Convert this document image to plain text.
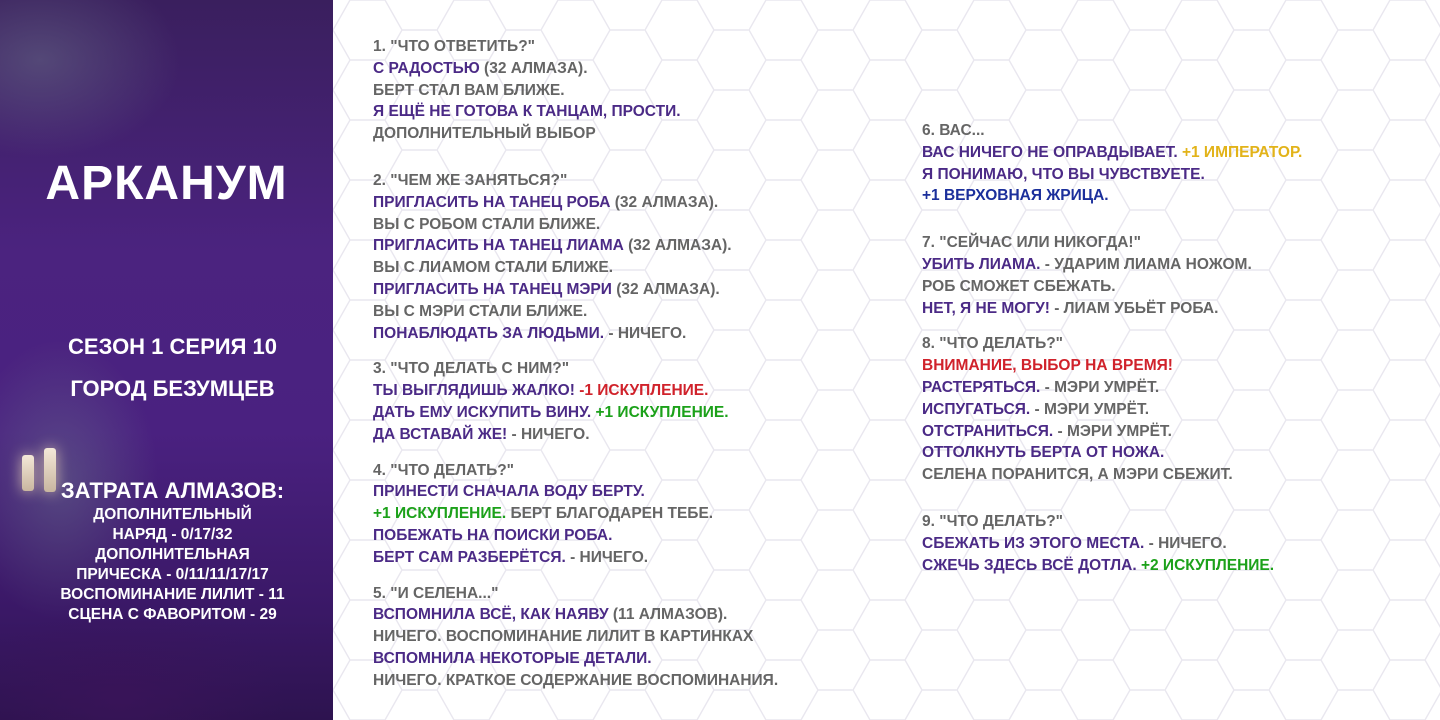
АРКАНУМ
СЕЗОН 1 СЕРИЯ 10
ГОРОД БЕЗУМЦЕВ
ЗАТРАТА АЛМАЗОВ:
ДОПОЛНИТЕЛЬНЫЙ
НАРЯД - 0/17/32
ДОПОЛНИТЕЛЬНАЯ
ПРИЧЕСКА - 0/11/11/17/17
ВОСПОМИНАНИЕ ЛИЛИТ - 11
СЦЕНА С ФАВОРИТОМ - 29
1. "ЧТО ОТВЕТИТЬ?"
С РАДОСТЬЮ (32 АЛМАЗА).
БЕРТ СТАЛ ВАМ БЛИЖЕ.
Я ЕЩЁ НЕ ГОТОВА К ТАНЦАМ, ПРОСТИ.
ДОПОЛНИТЕЛЬНЫЙ ВЫБОР
2. "ЧЕМ ЖЕ ЗАНЯТЬСЯ?"
ПРИГЛАСИТЬ НА ТАНЕЦ РОБА (32 АЛМАЗА).
ВЫ С РОБОМ СТАЛИ БЛИЖЕ.
ПРИГЛАСИТЬ НА ТАНЕЦ ЛИАМА (32 АЛМАЗА).
ВЫ С ЛИАМОМ СТАЛИ БЛИЖЕ.
ПРИГЛАСИТЬ НА ТАНЕЦ МЭРИ (32 АЛМАЗА).
ВЫ С МЭРИ СТАЛИ БЛИЖЕ.
ПОНАБЛЮДАТЬ ЗА ЛЮДЬМИ. - НИЧЕГО.
3. "ЧТО ДЕЛАТЬ С НИМ?"
ТЫ ВЫГЛЯДИШЬ ЖАЛКО! -1 ИСКУПЛЕНИЕ.
ДАТЬ ЕМУ ИСКУПИТЬ ВИНУ. +1 ИСКУПЛЕНИЕ.
ДА ВСТАВАЙ ЖЕ! - НИЧЕГО.
4. "ЧТО ДЕЛАТЬ?"
ПРИНЕСТИ СНАЧАЛА ВОДУ БЕРТУ.
+1 ИСКУПЛЕНИЕ. БЕРТ БЛАГОДАРЕН ТЕБЕ.
ПОБЕЖАТЬ НА ПОИСКИ РОБА.
БЕРТ САМ РАЗБЕРЁТСЯ. - НИЧЕГО.
5. "И СЕЛЕНА..."
ВСПОМНИЛА ВСЁ, КАК НАЯВУ (11 АЛМАЗОВ).
НИЧЕГО. ВОСПОМИНАНИЕ ЛИЛИТ В КАРТИНКАХ
ВСПОМНИЛА НЕКОТОРЫЕ ДЕТАЛИ.
НИЧЕГО. КРАТКОЕ СОДЕРЖАНИЕ ВОСПОМИНАНИЯ.
6. ВАС...
ВАС НИЧЕГО НЕ ОПРАВДЫВАЕТ. +1 ИМПЕРАТОР.
Я ПОНИМАЮ, ЧТО ВЫ ЧУВСТВУЕТЕ.
+1 ВЕРХОВНАЯ ЖРИЦА.
7. "СЕЙЧАС ИЛИ НИКОГДА!"
УБИТЬ ЛИАМА. - УДАРИМ ЛИАМА НОЖОМ.
РОБ СМОЖЕТ СБЕЖАТЬ.
НЕТ, Я НЕ МОГУ! - ЛИАМ УБЬЁТ РОБА.
8. "ЧТО ДЕЛАТЬ?"
ВНИМАНИЕ, ВЫБОР НА ВРЕМЯ!
РАСТЕРЯТЬСЯ. - МЭРИ УМРЁТ.
ИСПУГАТЬСЯ. - МЭРИ УМРЁТ.
ОТСТРАНИТЬСЯ. - МЭРИ УМРЁТ.
ОТТОЛКНУТЬ БЕРТА ОТ НОЖА.
СЕЛЕНА ПОРАНИТСЯ, А МЭРИ СБЕЖИТ.
9. "ЧТО ДЕЛАТЬ?"
СБЕЖАТЬ ИЗ ЭТОГО МЕСТА. - НИЧЕГО.
СЖЕЧЬ ЗДЕСЬ ВСЁ ДОТЛА. +2 ИСКУПЛЕНИЕ.
